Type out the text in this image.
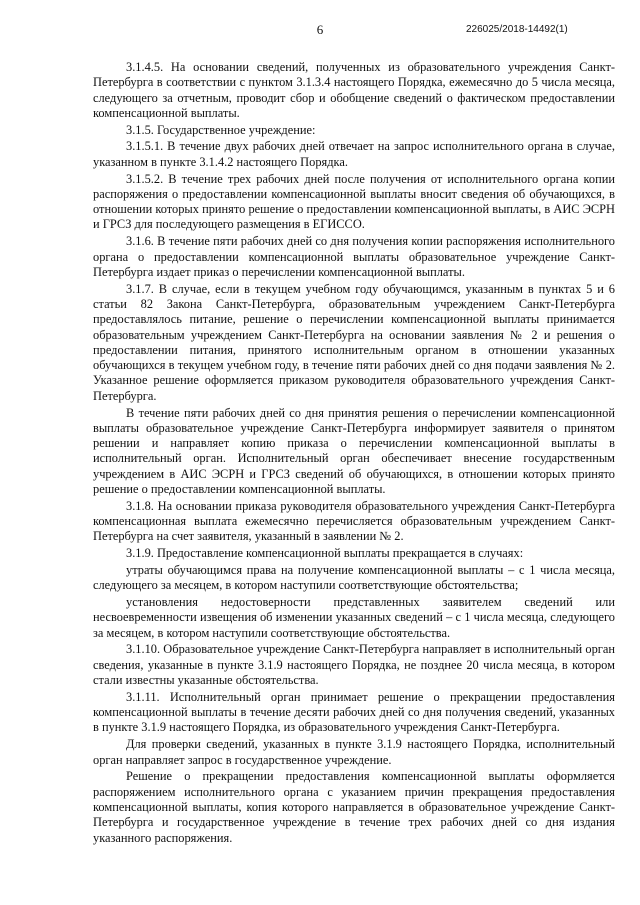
6	226025/2018-14492(1)

3.1.4.5. На основании сведений, полученных из образовательного учреждения Санкт-Петербурга в соответствии с пунктом 3.1.3.4 настоящего Порядка, ежемесячно до 5 числа месяца, следующего за отчетным, проводит сбор и обобщение сведений о фактическом предоставлении компенсационной выплаты.

3.1.5. Государственное учреждение:

3.1.5.1. В течение двух рабочих дней отвечает на запрос исполнительного органа в случае, указанном в пункте 3.1.4.2 настоящего Порядка.

3.1.5.2. В течение трех рабочих дней после получения от исполнительного органа копии распоряжения о предоставлении компенсационной выплаты вносит сведения об обучающихся, в отношении которых принято решение о предоставлении компенсационной выплаты, в АИС ЭСРН и ГРСЗ для последующего размещения в ЕГИССО.

3.1.6. В течение пяти рабочих дней со дня получения копии распоряжения исполнительного органа о предоставлении компенсационной выплаты образовательное учреждение Санкт-Петербурга издает приказ о перечислении компенсационной выплаты.

3.1.7. В случае, если в текущем учебном году обучающимся, указанным в пунктах 5 и 6 статьи 82 Закона Санкт-Петербурга, образовательным учреждением Санкт-Петербурга предоставлялось питание, решение о перечислении компенсационной выплаты принимается образовательным учреждением Санкт-Петербурга на основании заявления № 2 и решения о предоставлении питания, принятого исполнительным органом в отношении указанных обучающихся в текущем учебном году, в течение пяти рабочих дней со дня подачи заявления № 2. Указанное решение оформляется приказом руководителя образовательного учреждения Санкт-Петербурга.

В течение пяти рабочих дней со дня принятия решения о перечислении компенсационной выплаты образовательное учреждение Санкт-Петербурга информирует заявителя о принятом решении и направляет копию приказа о перечислении компенсационной выплаты в исполнительный орган. Исполнительный орган обеспечивает внесение государственным учреждением в АИС ЭСРН и ГРСЗ сведений об обучающихся, в отношении которых принято решение о предоставлении компенсационной выплаты.

3.1.8. На основании приказа руководителя образовательного учреждения Санкт-Петербурга компенсационная выплата ежемесячно перечисляется образовательным учреждением Санкт-Петербурга на счет заявителя, указанный в заявлении № 2.

3.1.9. Предоставление компенсационной выплаты прекращается в случаях:

утраты обучающимся права на получение компенсационной выплаты – с 1 числа месяца, следующего за месяцем, в котором наступили соответствующие обстоятельства;

установления недостоверности представленных заявителем сведений или несвоевременности извещения об изменении указанных сведений – с 1 числа месяца, следующего за месяцем, в котором наступили соответствующие обстоятельства.

3.1.10. Образовательное учреждение Санкт-Петербурга направляет в исполнительный орган сведения, указанные в пункте 3.1.9 настоящего Порядка, не позднее 20 числа месяца, в котором стали известны указанные обстоятельства.

3.1.11. Исполнительный орган принимает решение о прекращении предоставления компенсационной выплаты в течение десяти рабочих дней со дня получения сведений, указанных в пункте 3.1.9 настоящего Порядка, из образовательного учреждения Санкт-Петербурга.

Для проверки сведений, указанных в пункте 3.1.9 настоящего Порядка, исполнительный орган направляет запрос в государственное учреждение.

Решение о прекращении предоставления компенсационной выплаты оформляется распоряжением исполнительного органа с указанием причин прекращения предоставления компенсационной выплаты, копия которого направляется в образовательное учреждение Санкт-Петербурга и государственное учреждение в течение трех рабочих дней со дня издания указанного распоряжения.
